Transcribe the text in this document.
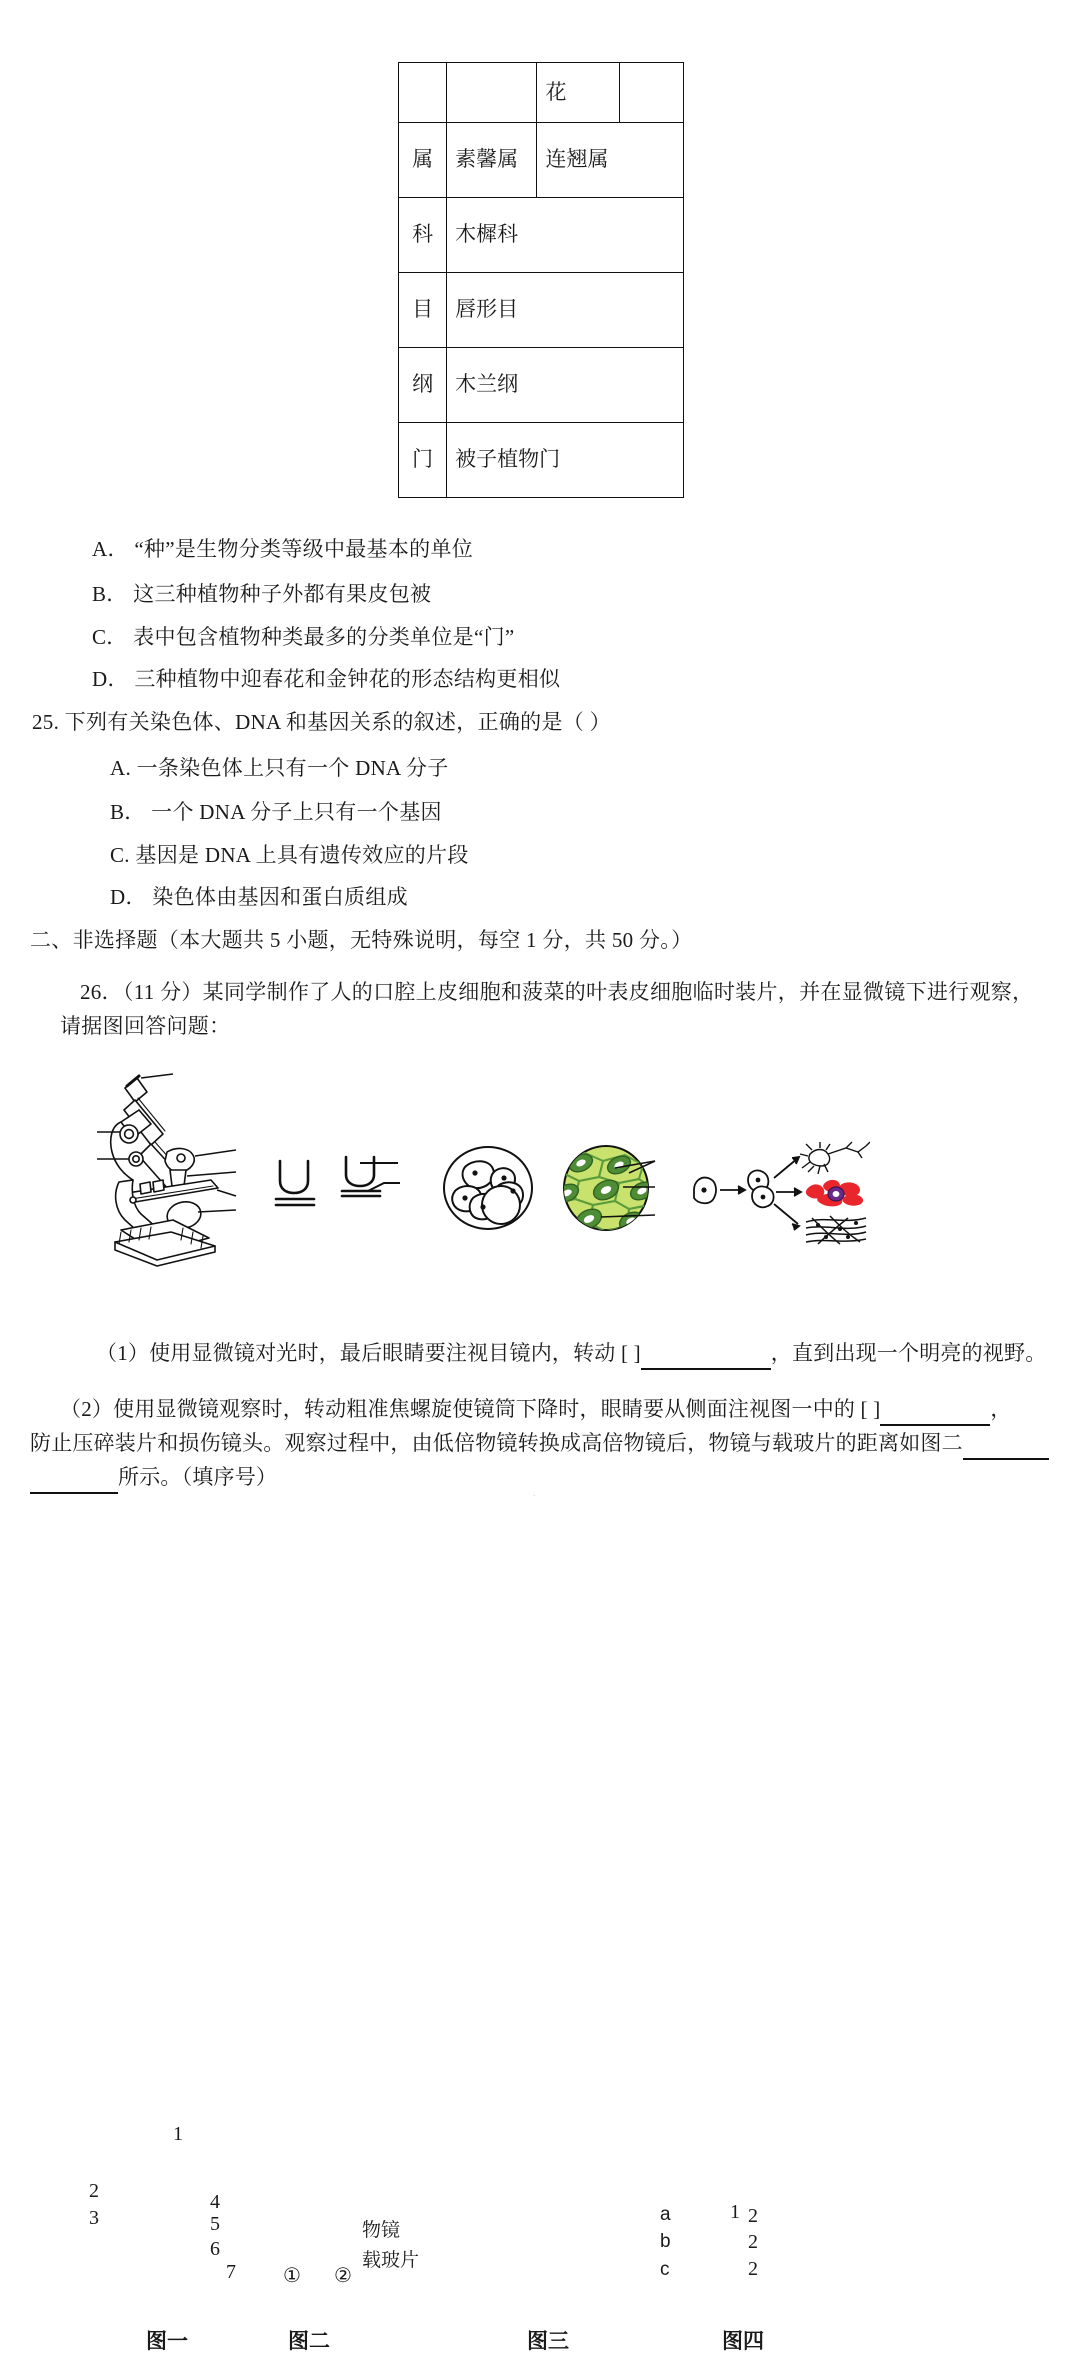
		花	
属	素馨属	连翘属	
科	木樨科		
目	唇形目		
纲	木兰纲		
门	被子植物门		
A． “种”是生物分类等级中最基本的单位
B． 这三种植物种子外都有果皮包被
C． 表中包含植物种类最多的分类单位是“门”
D． 三种植物中迎春花和金钟花的形态结构更相似
25. 下列有关染色体、DNA 和基因关系的叙述，正确的是（ ）
A. 一条染色体上只有一个 DNA 分子
B． 一个 DNA 分子上只有一个基因
C. 基因是 DNA 上具有遗传效应的片段
D． 染色体由基因和蛋白质组成
二、非选择题（本大题共 5 小题，无特殊说明，每空 1 分，共 50 分。）
26．（11 分）某同学制作了人的口腔上皮细胞和菠菜的叶表皮细胞临时装片，并在显微镜下进行观察，
请据图回答问题：
1
2
3
4
5
6
7 ① ②
物镜
载玻片
a
b
c
1 2
2
2
图一	图二	图三	图四
（1）使用显微镜对光时，最后眼睛要注视目镜内，转动 [ ]	，直到出现一个明亮的视野。
（2）使用显微镜观察时，转动粗准焦螺旋使镜筒下降时，眼睛要从侧面注视图一中的 [ ]	，
防止压碎装片和损伤镜头。观察过程中，由低倍物镜转换成高倍物镜后，物镜与载玻片的距离如图二
所示。（填序号）
.
